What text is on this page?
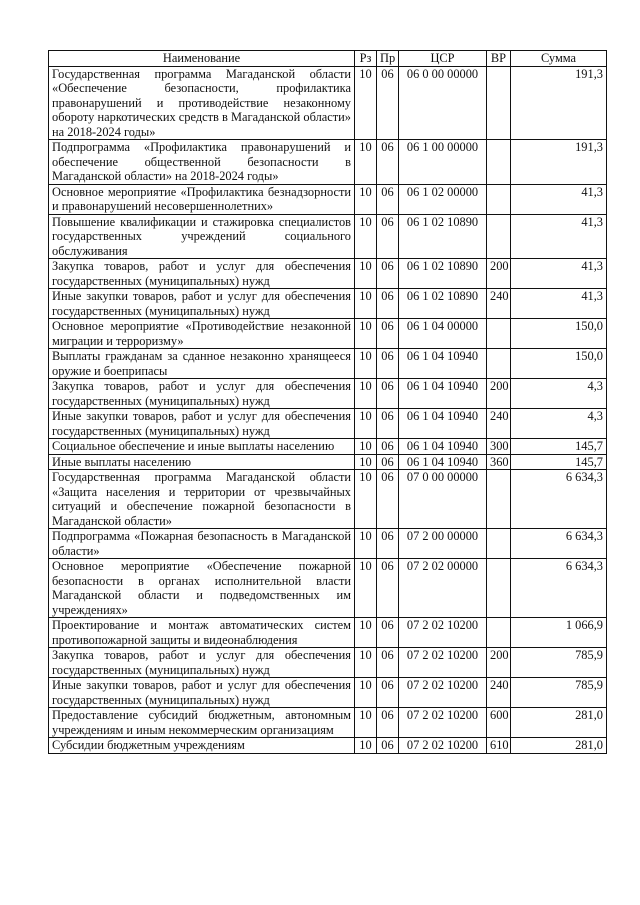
Наименование	Рз	Пр	ЦСР	ВР	Сумма
Государственная программа Магаданской области «Обеспечение безопасности, профилактика правонарушений и противодействие незаконному обороту наркотических средств в Магаданской области» на 2018-2024 годы»	10	06	06 0 00 00000		191,3
Подпрограмма «Профилактика правонарушений и обеспечение общественной безопасности в Магаданской области» на 2018-2024 годы»	10	06	06 1 00 00000		191,3
Основное мероприятие «Профилактика безнадзорности и правонарушений несовершеннолетних»	10	06	06 1 02 00000		41,3
Повышение квалификации и стажировка специалистов государственных учреждений социального обслуживания	10	06	06 1 02 10890		41,3
Закупка товаров, работ и услуг для обеспечения государственных (муниципальных) нужд	10	06	06 1 02 10890	200	41,3
Иные закупки товаров, работ и услуг для обеспечения государственных (муниципальных) нужд	10	06	06 1 02 10890	240	41,3
Основное мероприятие «Противодействие незаконной миграции и терроризму»	10	06	06 1 04 00000		150,0
Выплаты гражданам за сданное незаконно хранящееся оружие и боеприпасы	10	06	06 1 04 10940		150,0
Закупка товаров, работ и услуг для обеспечения государственных (муниципальных) нужд	10	06	06 1 04 10940	200	4,3
Иные закупки товаров, работ и услуг для обеспечения государственных (муниципальных) нужд	10	06	06 1 04 10940	240	4,3
Социальное обеспечение и иные выплаты населению	10	06	06 1 04 10940	300	145,7
Иные выплаты населению	10	06	06 1 04 10940	360	145,7
Государственная программа Магаданской области «Защита населения и территории от чрезвычайных ситуаций и обеспечение пожарной безопасности в Магаданской области»	10	06	07 0 00 00000		6 634,3
Подпрограмма «Пожарная безопасность в Магаданской области»	10	06	07 2 00 00000		6 634,3
Основное мероприятие «Обеспечение пожарной безопасности в органах исполнительной власти Магаданской области и подведомственных им учреждениях»	10	06	07 2 02 00000		6 634,3
Проектирование и монтаж автоматических систем противопожарной защиты и видеонаблюдения	10	06	07 2 02 10200		1 066,9
Закупка товаров, работ и услуг для обеспечения государственных (муниципальных) нужд	10	06	07 2 02 10200	200	785,9
Иные закупки товаров, работ и услуг для обеспечения государственных (муниципальных) нужд	10	06	07 2 02 10200	240	785,9
Предоставление субсидий бюджетным, автономным учреждениям и иным некоммерческим организациям	10	06	07 2 02 10200	600	281,0
Субсидии бюджетным учреждениям	10	06	07 2 02 10200	610	281,0
